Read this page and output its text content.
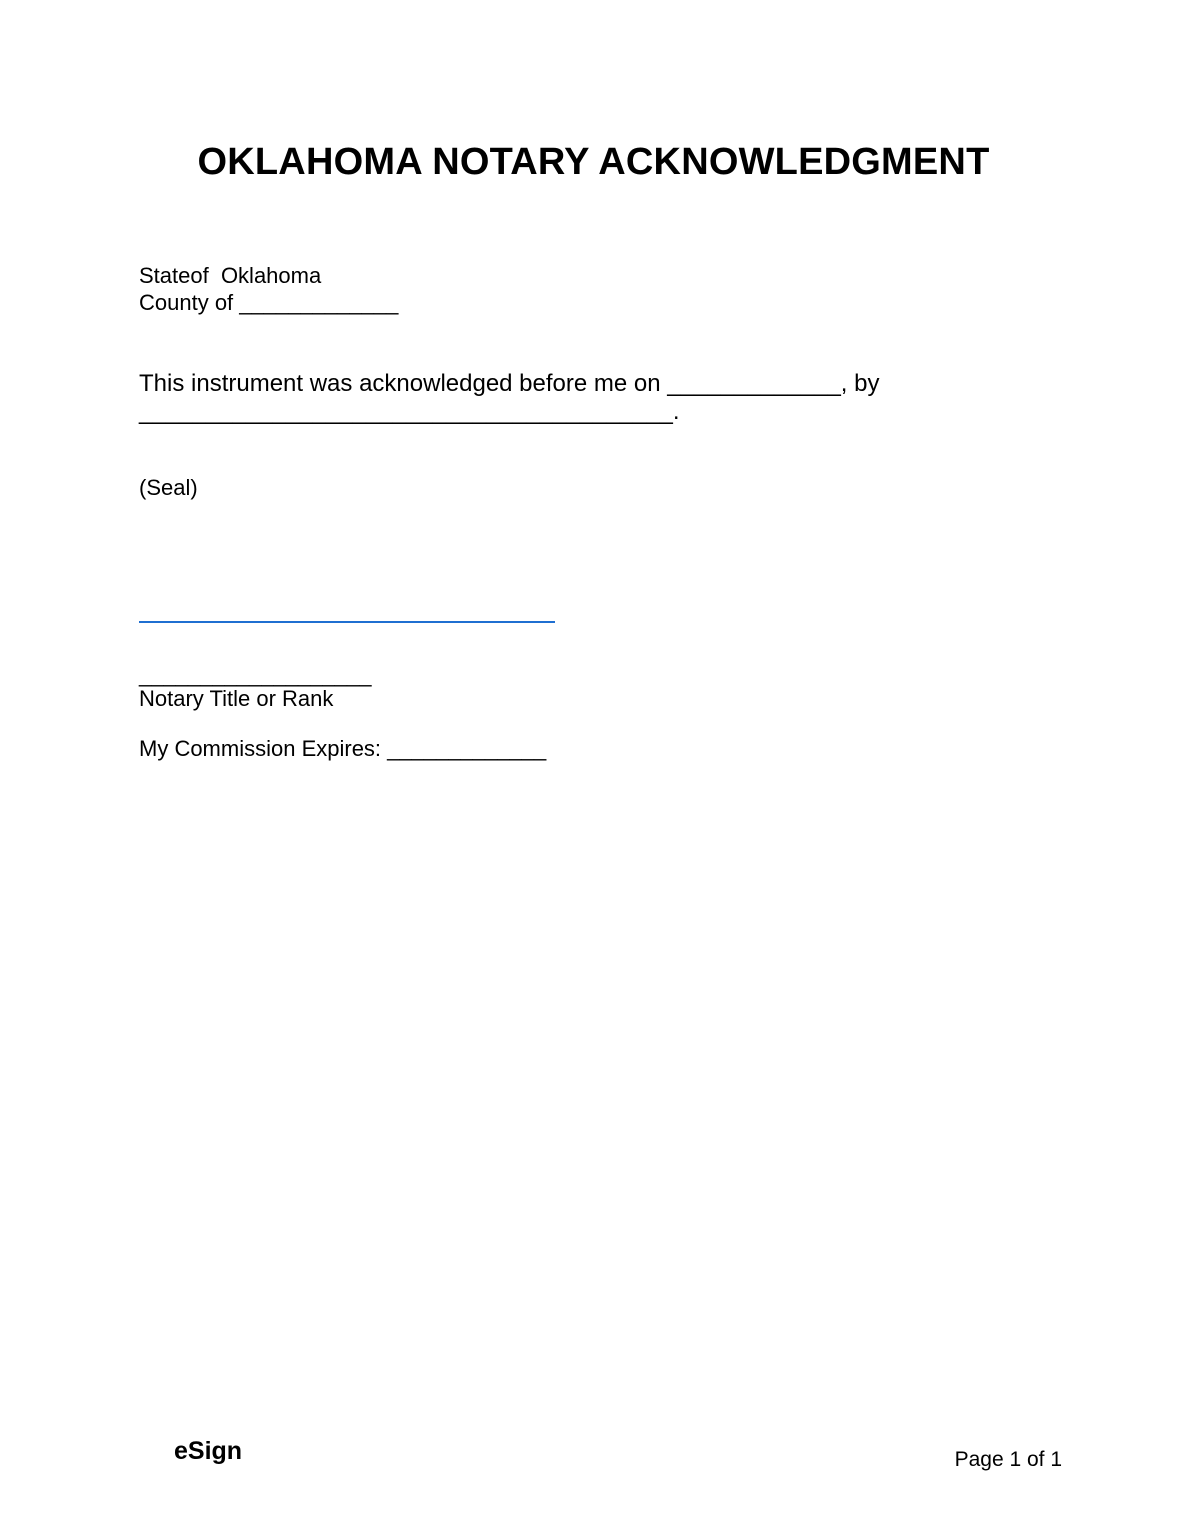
OKLAHOMA NOTARY ACKNOWLEDGMENT
Stateof  Oklahoma
County of _____________
This instrument was acknowledged before me on _____________, by
________________________________________.
(Seal)
___________________
Notary Title or Rank
My Commission Expires: _____________
eSign	Page 1 of 1
